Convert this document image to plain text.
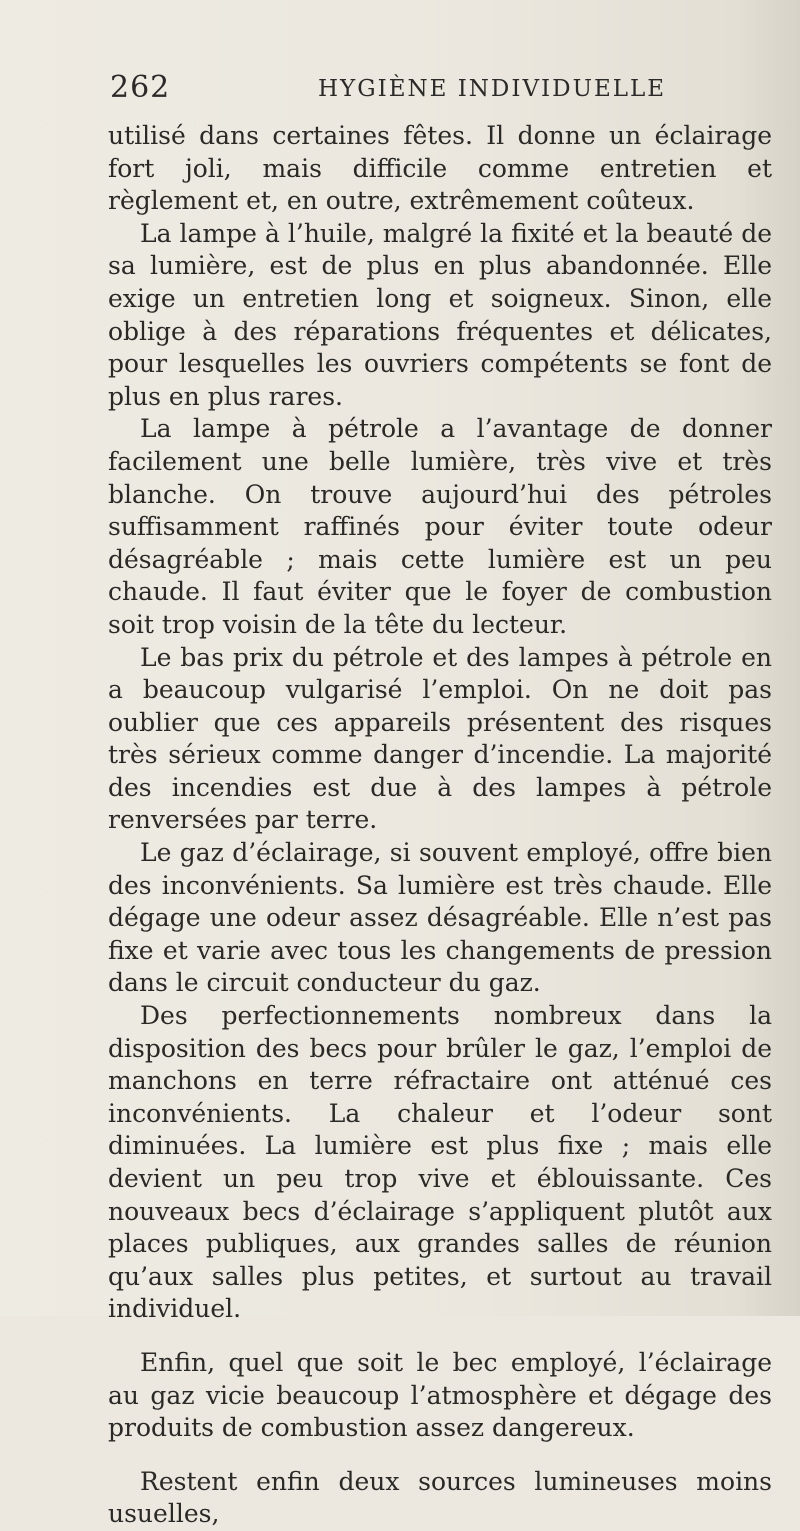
262	HYGIÈNE INDIVIDUELLE

utilisé dans certaines fêtes. Il donne un éclairage fort joli, mais difficile comme entretien et règlement et, en outre, extrêmement coûteux.

La lampe à l’huile, malgré la fixité et la beauté de sa lumière, est de plus en plus abandonnée. Elle exige un entretien long et soigneux. Sinon, elle oblige à des réparations fréquentes et délicates, pour lesquelles les ouvriers compétents se font de plus en plus rares.

La lampe à pétrole a l’avantage de donner facilement une belle lumière, très vive et très blanche. On trouve aujourd’hui des pétroles suffisamment raffinés pour éviter toute odeur désagréable ; mais cette lumière est un peu chaude. Il faut éviter que le foyer de combustion soit trop voisin de la tête du lecteur.

Le bas prix du pétrole et des lampes à pétrole en a beaucoup vulgarisé l’emploi. On ne doit pas oublier que ces appareils présentent des risques très sérieux comme danger d’incendie. La majorité des incendies est due à des lampes à pétrole renversées par terre.

Le gaz d’éclairage, si souvent employé, offre bien des inconvénients. Sa lumière est très chaude. Elle dégage une odeur assez désagréable. Elle n’est pas fixe et varie avec tous les changements de pression dans le circuit conducteur du gaz.

Des perfectionnements nombreux dans la disposition des becs pour brûler le gaz, l’emploi de manchons en terre réfractaire ont atténué ces inconvénients. La chaleur et l’odeur sont diminuées. La lumière est plus fixe ; mais elle devient un peu trop vive et éblouissante. Ces nouveaux becs d’éclairage s’appliquent plutôt aux places publiques, aux grandes salles de réunion qu’aux salles plus petites, et surtout au travail individuel.

Enfin, quel que soit le bec employé, l’éclairage au gaz vicie beaucoup l’atmosphère et dégage des produits de combustion assez dangereux.

Restent enfin deux sources lumineuses moins usuelles,
